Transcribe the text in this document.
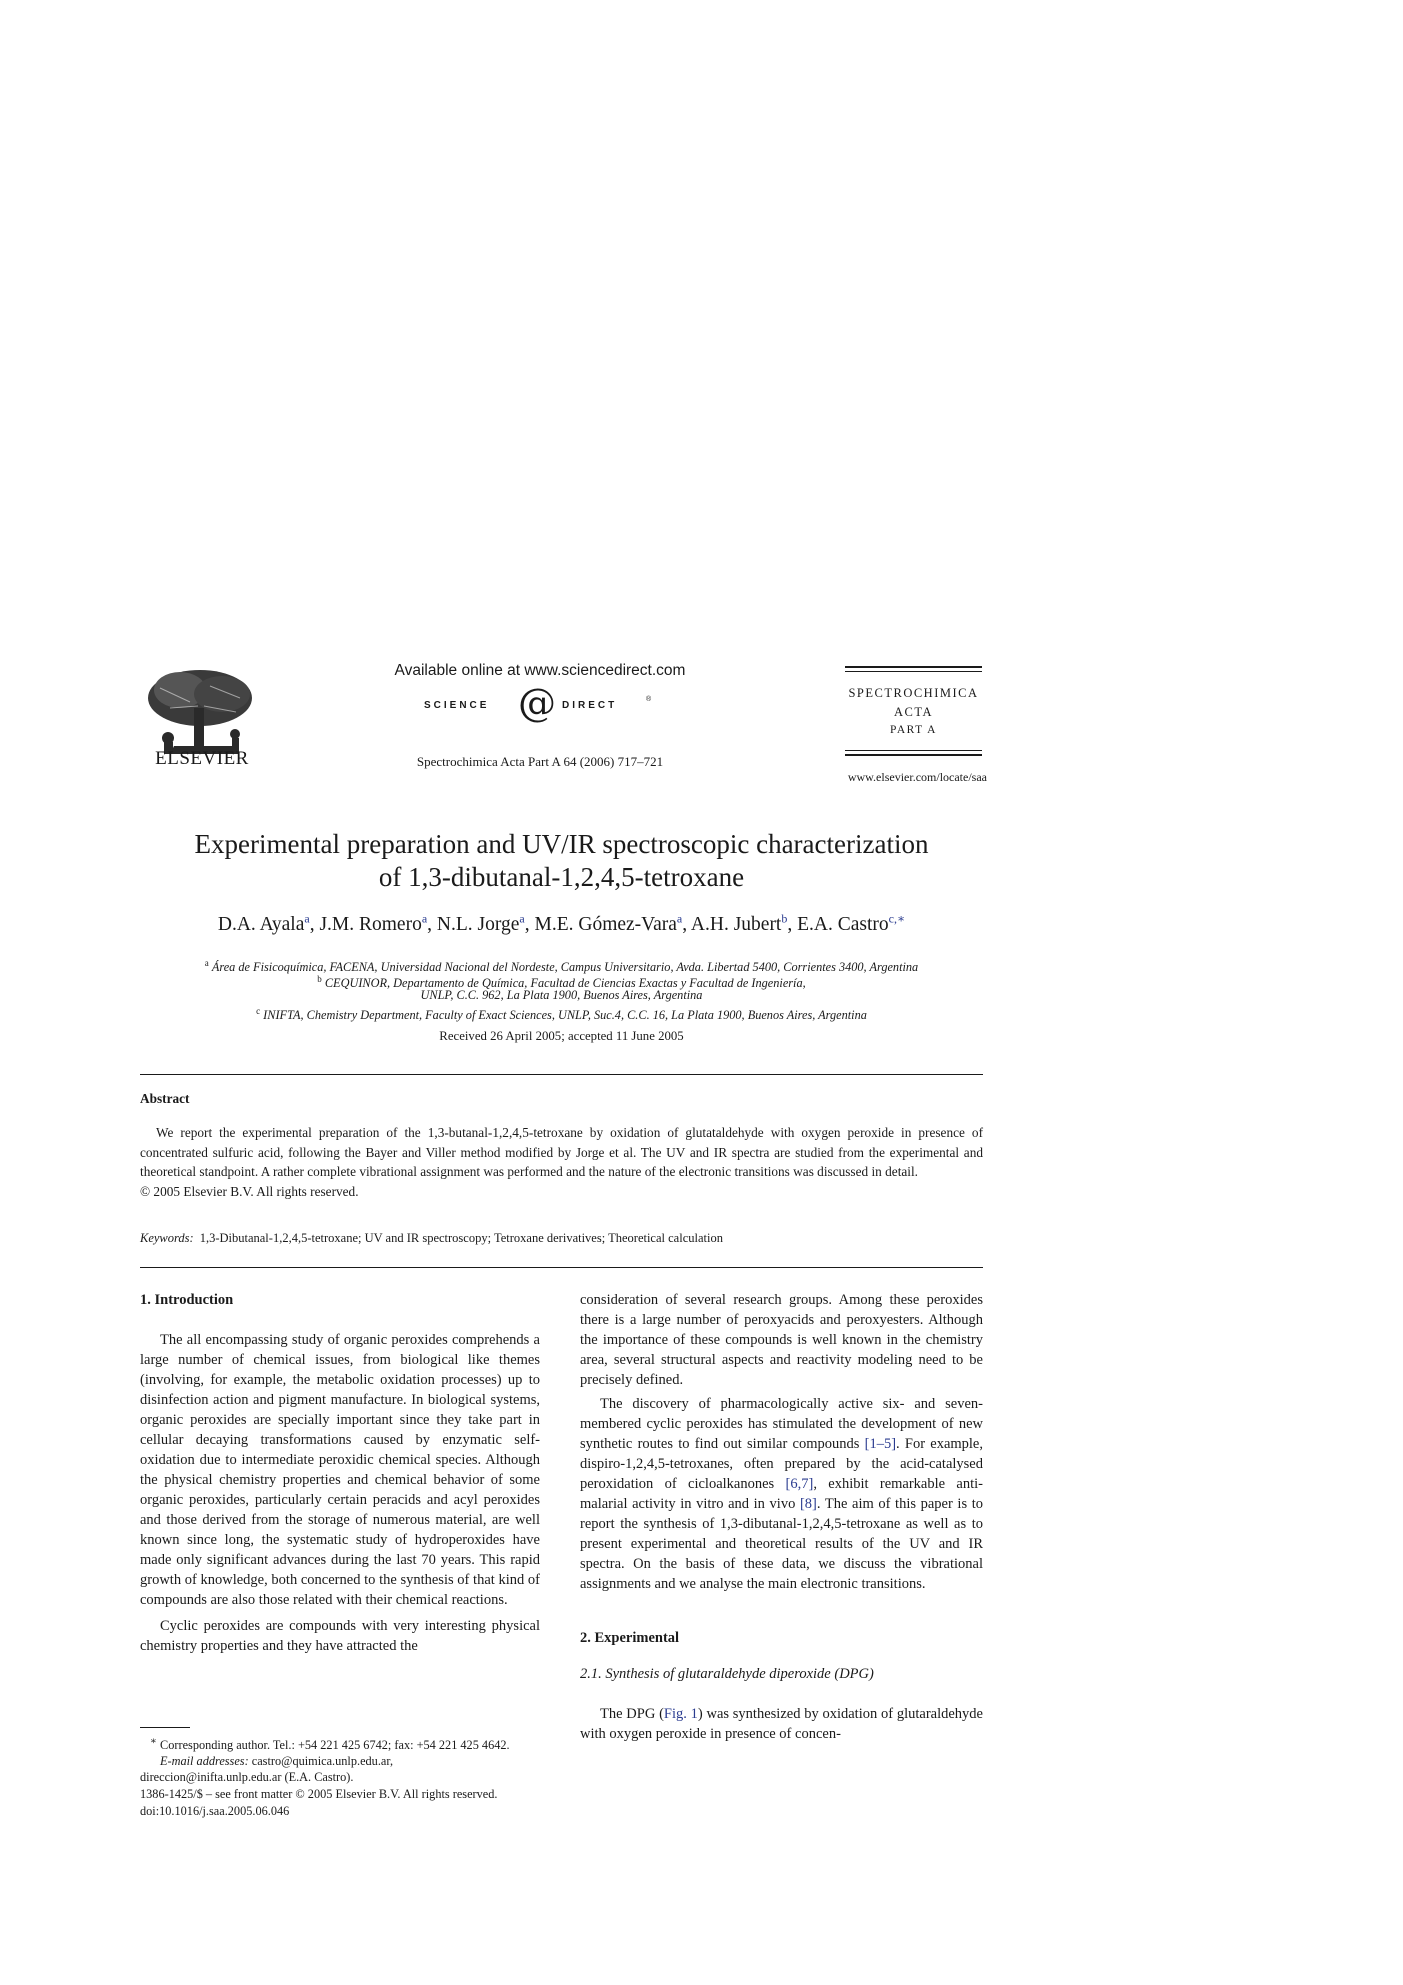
ELSEVIER
Available online at www.sciencedirect.com
SCIENCE @ DIRECT
®
Spectrochimica Acta Part A 64 (2006) 717–721
SPECTROCHIMICA
ACTA
PART A
www.elsevier.com/locate/saa
Experimental preparation and UV/IR spectroscopic characterization
of 1,3-dibutanal-1,2,4,5-tetroxane
D.A. Ayala$^a$, J.M. Romero$^a$, N.L. Jorge$^a$, M.E. Gómez-Vara$^a$, A.H. Jubert$^b$, E.A. Castro$^{c,∗}$
$^a$ Área de Fisicoquímica, FACENA, Universidad Nacional del Nordeste, Campus Universitario, Avda. Libertad 5400, Corrientes 3400, Argentina
$^b$ CEQUINOR, Departamento de Química, Facultad de Ciencias Exactas y Facultad de Ingeniería,
UNLP, C.C. 962, La Plata 1900, Buenos Aires, Argentina
$^c$ INIFTA, Chemistry Department, Faculty of Exact Sciences, UNLP, Suc.4, C.C. 16, La Plata 1900, Buenos Aires, Argentina
Received 26 April 2005; accepted 11 June 2005
Abstract
We report the experimental preparation of the 1,3-butanal-1,2,4,5-tetroxane by oxidation of glutataldehyde with oxygen peroxide in presence of concentrated sulfuric acid, following the Bayer and Viller method modified by Jorge et al. The UV and IR spectra are studied from the experimental and theoretical standpoint. A rather complete vibrational assignment was performed and the nature of the electronic transitions was discussed in detail.
© 2005 Elsevier B.V. All rights reserved.
Keywords: 1,3-Dibutanal-1,2,4,5-tetroxane; UV and IR spectroscopy; Tetroxane derivatives; Theoretical calculation
1. Introduction

The all encompassing study of organic peroxides comprehends a large number of chemical issues, from biological like themes (involving, for example, the metabolic oxidation processes) up to disinfection action and pigment manufacture. In biological systems, organic peroxides are specially important since they take part in cellular decaying transformations caused by enzymatic self-oxidation due to intermediate peroxidic chemical species. Although the physical chemistry properties and chemical behavior of some organic peroxides, particularly certain peracids and acyl peroxides and those derived from the storage of numerous material, are well known since long, the systematic study of hydroperoxides have made only significant advances during the last 70 years. This rapid growth of knowledge, both concerned to the synthesis of that kind of compounds are also those related with their chemical reactions.

Cyclic peroxides are compounds with very interesting physical chemistry properties and they have attracted the

consideration of several research groups. Among these peroxides there is a large number of peroxyacids and peroxyesters. Although the importance of these compounds is well known in the chemistry area, several structural aspects and reactivity modeling need to be precisely defined.

The discovery of pharmacologically active six- and seven-membered cyclic peroxides has stimulated the development of new synthetic routes to find out similar compounds [1–5]. For example, dispiro-1,2,4,5-tetroxanes, often prepared by the acid-catalysed peroxidation of cicloalkanones [6,7], exhibit remarkable anti-malarial activity in vitro and in vivo [8]. The aim of this paper is to report the synthesis of 1,3-dibutanal-1,2,4,5-tetroxane as well as to present experimental and theoretical results of the UV and IR spectra. On the basis of these data, we discuss the vibrational assignments and we analyse the main electronic transitions.

2. Experimental
2.1. Synthesis of glutaraldehyde diperoxide (DPG)

The DPG (Fig. 1) was synthesized by oxidation of glutaraldehyde with oxygen peroxide in presence of concen-

∗ Corresponding author. Tel.: +54 221 425 6742; fax: +54 221 425 4642.
E-mail addresses: castro@quimica.unlp.edu.ar,
direccion@inifta.unlp.edu.ar (E.A. Castro).
1386-1425/$ – see front matter © 2005 Elsevier B.V. All rights reserved.
doi:10.1016/j.saa.2005.06.046
